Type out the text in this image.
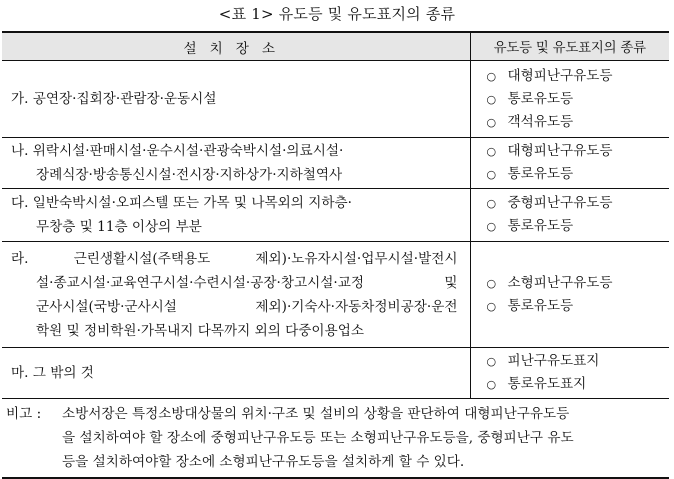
<표 1> 유도등 및 유도표지의 종류
설치장소	유도등 및 유도표지의 종류

가. 공연장·집회장·관람장·운동시설	○ 대형피난구유도등
○ 통로유도등
○ 객석유도등

나. 위락시설·판매시설·운수시설·관광숙박시설·의료시설·
장례식장·방송통신시설·전시장·지하상가·지하철역사	○ 대형피난구유도등
○ 통로유도등

다. 일반숙박시설·오피스텔 또는 가목 및 나목외의 지하층·
무창층 및 11층 이상의 부분	○ 중형피난구유도등
○ 통로유도등

라. 근린생활시설(주택용도 제외)·노유자시설·업무시설·발전시
설·종교시설·교육연구시설·수련시설·공장·창고시설·교정 및
군사시설(국방·군사시설 제외)·기숙사·자동차정비공장·운전
학원 및 정비학원·가목내지 다목까지 외의 다중이용업소	○ 소형피난구유도등
○ 통로유도등

마. 그 밖의 것	○ 피난구유도표지
○ 통로유도표지

비고 : 소방서장은 특정소방대상물의 위치·구조 및 설비의 상황을 판단하여 대형피난구유도등
을 설치하여야 할 장소에 중형피난구유도등 또는 소형피난구유도등을, 중형피난구 유도
등을 설치하여야할 장소에 소형피난구유도등을 설치하게 할 수 있다.	
